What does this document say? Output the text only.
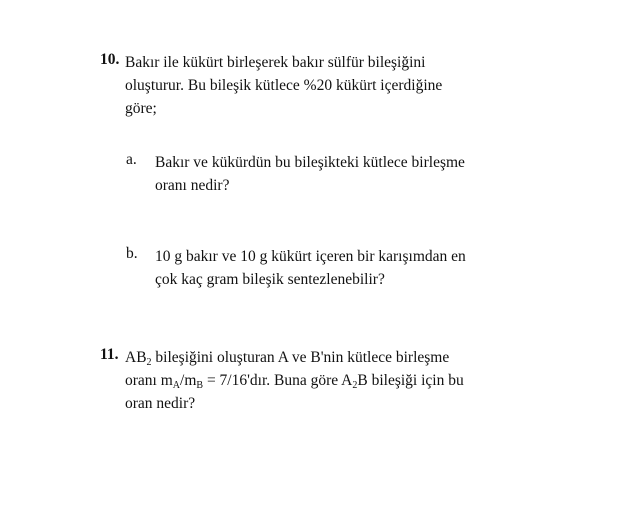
10. Bakır ile kükürt birleşerek bakır sülfür bileşiğini

oluşturur. Bu bileşik kütlece %20 kükürt içerdiğine

göre;

a. Bakır ve kükürdün bu bileşikteki kütlece birleşme

oranı nedir?

b. 10 g bakır ve 10 g kükürt içeren bir karışımdan en

çok kaç gram bileşik sentezlenebilir?

11. $AB_2$ bileşiğini oluşturan A ve B'nin kütlece birleşme

oranı $m_A/m_B$ = 7/16'dır. Buna göre $A_2B$ bileşiği için bu

oran nedir?
